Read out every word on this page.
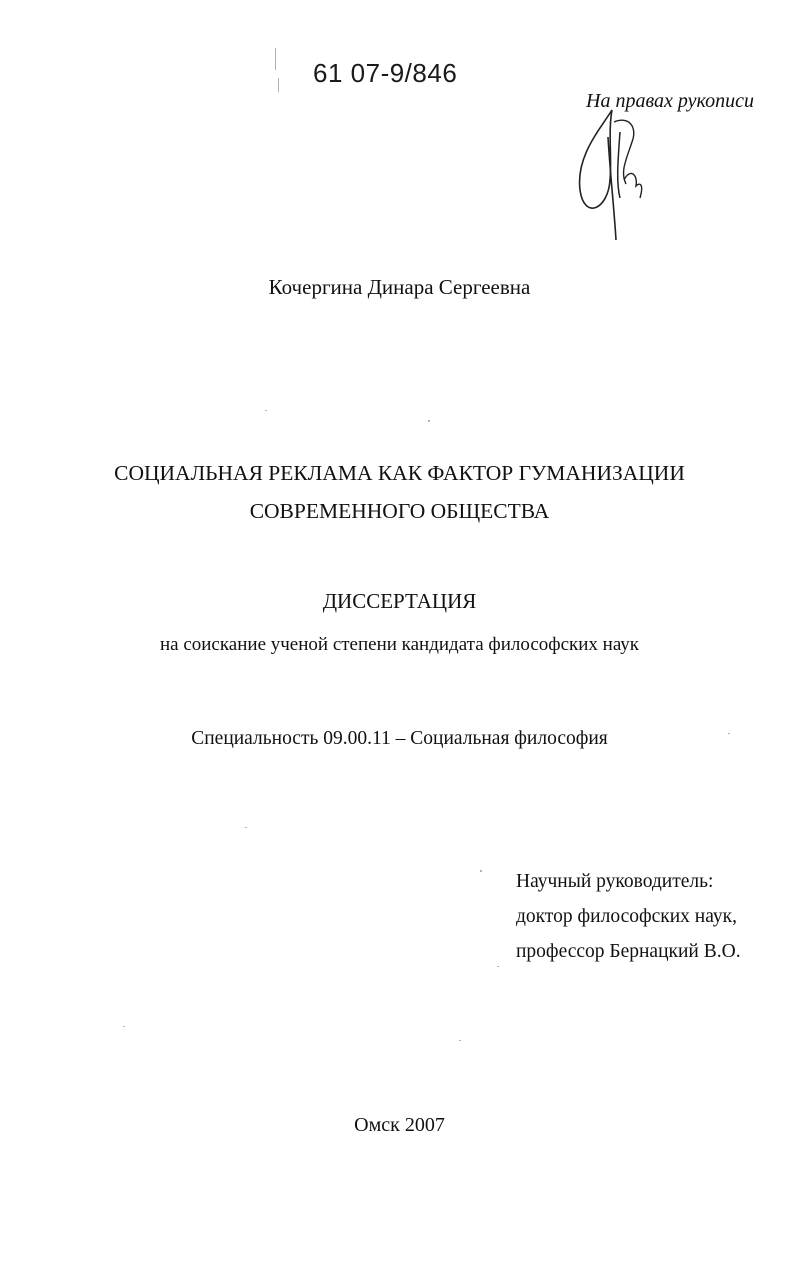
61 07-9/846
На правах рукописи
Кочергина Динара Сергеевна
СОЦИАЛЬНАЯ РЕКЛАМА КАК ФАКТОР ГУМАНИЗАЦИИ
СОВРЕМЕННОГО ОБЩЕСТВА
ДИССЕРТАЦИЯ
на соискание ученой степени кандидата философских наук
Специальность 09.00.11 – Социальная философия
Научный руководитель:
доктор философских наук,
профессор Бернацкий В.О.
Омск 2007
